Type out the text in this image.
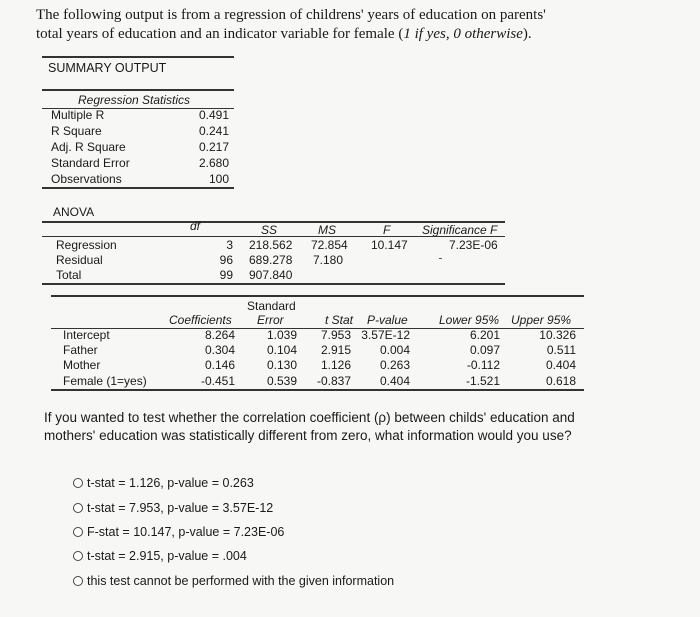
The following output is from a regression of childrens' years of education on parents'
total years of education and an indicator variable for female (1 if yes, 0 otherwise).
SUMMARY OUTPUT
Regression Statistics
Multiple R	0.491
R Square	0.241
Adj. R Square	0.217
Standard Error	2.680
Observations	100
ANOVA
df	SS	MS	F	Significance F
Regression	3 218.562 72.854 10.147	7.23E-06
Residual	96 689.278 7.180
Total	99 907.840
Standard
Coefficients Error	t Stat P-value	Lower 95% Upper 95%
Intercept	8.264	1.039	7.953 3.57E-12	6.201	10.326
Father	0.304	0.104	2.915	0.004	0.097	0.511
Mother	0.146	0.130	1.126	0.263	-0.112	0.404
Female (1=yes)	-0.451	0.539	-0.837	0.404	-1.521	0.618
If you wanted to test whether the correlation coefficient (ρ) between childs' education and mothers' education was statistically different from zero, what information would you use?
t-stat = 1.126, p-value = 0.263
t-stat = 7.953, p-value = 3.57E-12
F-stat = 10.147, p-value = 7.23E-06
t-stat = 2.915, p-value = .004
this test cannot be performed with the given information
